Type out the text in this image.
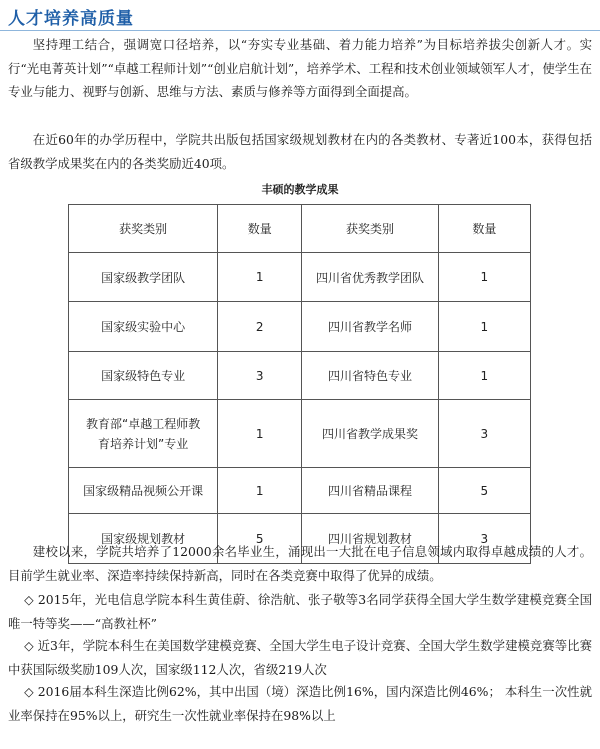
人才培养高质量

坚持理工结合，强调宽口径培养，以“夯实专业基础、着力能力培养”为目标培养拔尖创新人才。实行“光电菁英计划”“卓越工程师计划”“创业启航计划”，培养学术、工程和技术创业领域领军人才，使学生在专业与能力、视野与创新、思维与方法、素质与修养等方面得到全面提高。

在近60年的办学历程中，学院共出版包括国家级规划教材在内的各类教材、专著近100本，获得包括省级教学成果奖在内的各类奖励近40项。

丰硕的教学成果
获奖类别	数量	获奖类别	数量
国家级教学团队	1	四川省优秀教学团队	1
国家级实验中心	2	四川省教学名师	1
国家级特色专业	3	四川省特色专业	1
教育部“卓越工程师教育培养计划”专业	1	四川省教学成果奖	3
国家级精品视频公开课	1	四川省精品课程	5
国家级规划教材	5	四川省规划教材	3

建校以来，学院共培养了12000余名毕业生，涌现出一大批在电子信息领域内取得卓越成绩的人才。目前学生就业率、深造率持续保持新高，同时在各类竞赛中取得了优异的成绩。

◇ 2015年，光电信息学院本科生黄佳蔚、徐浩航、张子敬等3名同学获得全国大学生数学建模竞赛全国唯一特等奖——“高教社杯”

◇ 近3年，学院本科生在美国数学建模竞赛、全国大学生电子设计竞赛、全国大学生数学建模竞赛等比赛中获国际级奖励109人次，国家级112人次，省级219人次

◇ 2016届本科生深造比例62%，其中出国（境）深造比例16%，国内深造比例46%； 本科生一次性就业率保持在95%以上，研究生一次性就业率保持在98%以上
